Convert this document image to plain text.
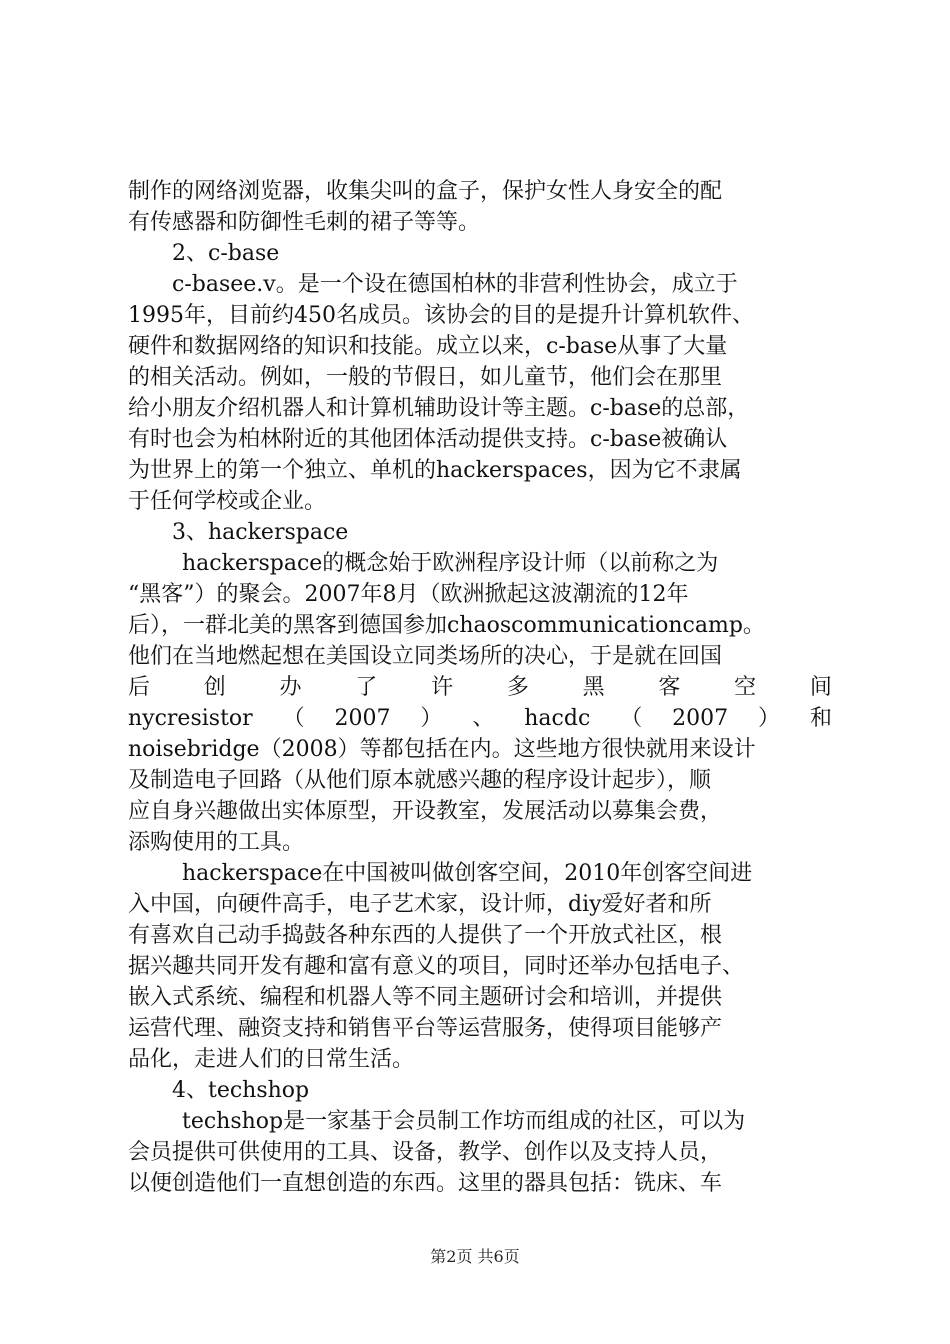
制作的网络浏览器，收集尖叫的盒子，保护女性人身安全的配
有传感器和防御性毛刺的裙子等等。
2、c-base
c-basee.v。是一个设在德国柏林的非营利性协会，成立于
1995年，目前约450名成员。该协会的目的是提升计算机软件、
硬件和数据网络的知识和技能。成立以来，c-base从事了大量
的相关活动。例如，一般的节假日，如儿童节，他们会在那里
给小朋友介绍机器人和计算机辅助设计等主题。c-base的总部，
有时也会为柏林附近的其他团体活动提供支持。c-base被确认
为世界上的第一个独立、单机的hackerspaces，因为它不隶属
于任何学校或企业。
3、hackerspace
hackerspace的概念始于欧洲程序设计师（以前称之为
“黑客”）的聚会。2007年8月（欧洲掀起这波潮流的12年
后），一群北美的黑客到德国参加chaoscommunicationcamp。
他们在当地燃起想在美国设立同类场所的决心，于是就在回国
后 创 办 了 许 多 黑 客 空 间
nycresistor （ 2007 ） 、 hacdc （ 2007 ） 和
noisebridge（2008）等都包括在内。这些地方很快就用来设计
及制造电子回路（从他们原本就感兴趣的程序设计起步），顺
应自身兴趣做出实体原型，开设教室，发展活动以募集会费，
添购使用的工具。
hackerspace在中国被叫做创客空间，2010年创客空间进
入中国，向硬件高手，电子艺术家，设计师，diy爱好者和所
有喜欢自己动手捣鼓各种东西的人提供了一个开放式社区，根
据兴趣共同开发有趣和富有意义的项目，同时还举办包括电子、
嵌入式系统、编程和机器人等不同主题研讨会和培训，并提供
运营代理、融资支持和销售平台等运营服务，使得项目能够产
品化，走进人们的日常生活。
4、techshop
techshop是一家基于会员制工作坊而组成的社区，可以为
会员提供可供使用的工具、设备，教学、创作以及支持人员，
以便创造他们一直想创造的东西。这里的器具包括：铣床、车
第2页 共6页
